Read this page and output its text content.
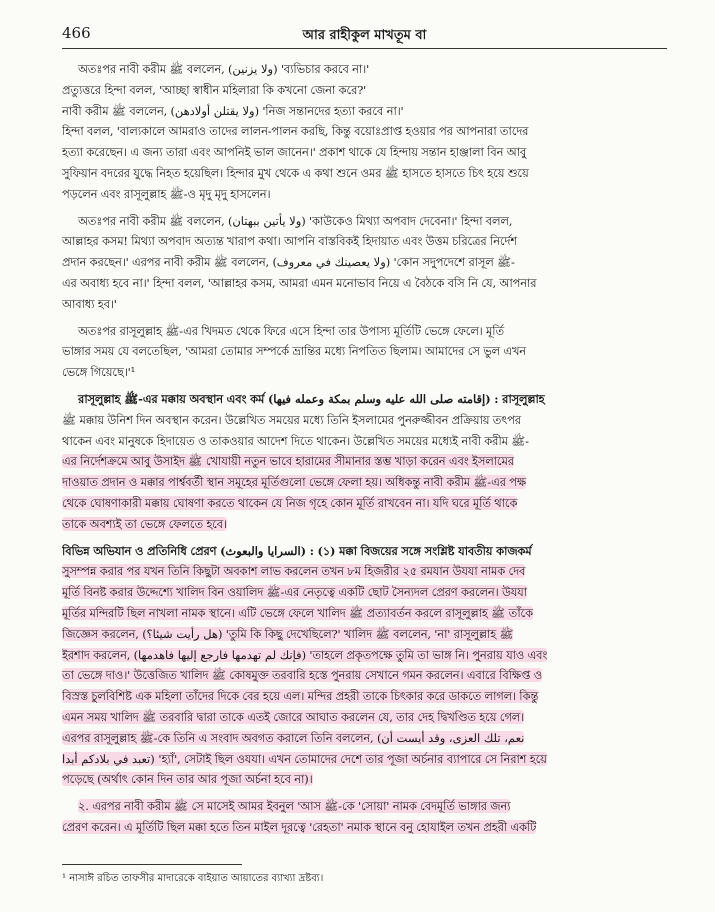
466	আর রাহীকুল মাখতূম বা
অতঃপর নাবী করীম ﷺ বললেন, (ولا يزنين) 'ব্যভিচার করবে না।'
প্রত্যুত্তরে হিন্দা বলল, 'আচ্ছা স্বাধীন মহিলারা কি কখনো জেনা করে?'
নাবী করীম ﷺ বললেন, (ولا يقتلن أولادهن) 'নিজ সন্তানদের হত্যা করবে না।'
হিন্দা বলল, 'বাল্যকালে আমরাও তাদের লালন-পালন করছি, কিন্তু বয়োঃপ্রাপ্ত হওয়ার পর আপনারা তাদের
হত্যা করেছেন। এ জন্য তারা এবং আপনিই ভাল জানেন।' প্রকাশ থাকে যে হিন্দায় সন্তান হাঞ্জালা বিন আবু
সুফিয়ান বদরের যুদ্ধে নিহত হয়েছিল। হিন্দার মুখ থেকে এ কথা শুনে ওমর ﷺ হাসতে হাসতে চিৎ হয়ে শুয়ে
পড়লেন এবং রাসূলুল্লাহ ﷺ-ও মৃদু মৃদু হাসলেন।
অতঃপর নাবী করীম ﷺ বললেন, (ولا يأتين ببهتان) 'কাউকেও মিথ্যা অপবাদ দেবেনা।' হিন্দা বলল,
আল্লাহর কসম! মিথ্যা অপবাদ অত্যন্ত খারাপ কথা। আপনি বাস্তবিকই হিদায়াত এবং উত্তম চরিত্রের নির্দেশ
প্রদান করছেন।' এরপর নাবী করীম ﷺ বললেন, (ولا يعصينك في معروف) 'কোন সদুপদেশে রাসূল ﷺ-
এর অবাধ্য হবে না।' হিন্দা বলল, 'আল্লাহর কসম, আমরা এমন মনোভাব নিয়ে এ বৈঠকে বসি নি যে, আপনার
আবাধ্য হব।'
অতঃপর রাসূলুল্লাহ ﷺ-এর খিদমত থেকে ফিরে এসে হিন্দা তার উপাস্য মূর্তিটি ভেঙ্গে ফেলে। মূর্তি
ভাঙ্গার সময় যে বলতেছিল, 'আমরা তোমার সম্পর্কে ভ্রান্তির মধ্যে নিপতিত ছিলাম। আমাদের সে ভুল এখন
ভেঙ্গে গিয়েছে।'¹
রাসূলুল্লাহ ﷺ-এর মক্কায় অবস্থান এবং কর্ম (إقامته صلى الله عليه وسلم بمكة وعمله فيها) : রাসূলুল্লাহ
ﷺ মক্কায় উনিশ দিন অবস্থান করেন। উল্লেখিত সময়ের মধ্যে তিনি ইসলামের পুনরুজ্জীবন প্রক্রিয়ায় তৎপর
থাকেন এবং মানুষকে হিদায়েত ও তাকওয়ার আদেশ দিতে থাকেন। উল্লেখিত সময়ের মধ্যেই নাবী করীম ﷺ-
এর নির্দেশক্রমে আবু উসাইদ ﷺ খোযায়ী নতুন ভাবে হারামের সীমানার স্তম্ভ খাড়া করেন এবং ইসলামের
দাওয়াত প্রদান ও মক্কার পার্শ্ববর্তী স্থান সমূহের মূর্তিগুলো ভেঙ্গে ফেলা হয়। অধিকন্তু নাবী করীম ﷺ-এর পক্ষ
থেকে ঘোষণাকারী মক্কায় ঘোষণা করতে থাকেন যে নিজ গৃহে কোন মূর্তি রাখবেন না। যদি ঘরে মূর্তি থাকে
তাকে অবশ্যই তা ভেঙ্গে ফেলতে হবে।
বিভিন্ন অভিযান ও প্রতিনিধি প্রেরণ (السرايا والبعوث) : (১) মক্কা বিজয়ের সঙ্গে সংশ্লিষ্ট যাবতীয় কাজকর্ম
সুসম্পন্ন করার পর যখন তিনি কিছুটা অবকাশ লাভ করলেন তখন ৮ম হিজরীর ২৫ রমযান উযযা নামক দেব
মূর্তি বিনষ্ট করার উদ্দেশ্যে খালিদ বিন ওয়ালিদ ﷺ-এর নেতৃত্বে একটি ছোট সৈন্যদল প্রেরণ করলেন। উযযা
মূর্তির মন্দিরটি ছিল নাখলা নামক স্থানে। এটি ভেঙ্গে ফেলে খালিদ ﷺ প্রত্যাবর্তন করলে রাসূলুল্লাহ ﷺ তাঁকে
জিজ্ঞেস করলেন, (هل رأيت شيئا؟) 'তুমি কি কিছু দেখেছিলে?' খালিদ ﷺ বললেন, 'না' রাসূলুল্লাহ ﷺ
ইরশাদ করলেন, (فإنك لم تهدمها فارجع إليها فاهدمها) 'তাহলে প্রকৃতপক্ষে তুমি তা ভাঙ্গ নি। পুনরায় যাও এবং
তা ভেঙ্গে দাও।' উত্তেজিত খালিদ ﷺ কোষমুক্ত তরবারি হস্তে পুনরায় সেখানে গমন করলেন। এবারে বিক্ষিপ্ত ও
বিস্রস্ত চুলবিশিষ্ট এক মহিলা তাঁদের দিকে বের হয়ে এল। মন্দির প্রহরী তাকে চিৎকার করে ডাকতে লাগল। কিন্তু
এমন সময় খালিদ ﷺ তরবারি দ্বারা তাকে এতই জোরে আঘাত করলেন যে, তার দেহ দ্বিখণ্ডিত হয়ে গেল।
এরপর রাসূলুল্লাহ ﷺ-কে তিনি এ সংবাদ অবগত করালে তিনি বললেন, (نعم، تلك العزى، وقد أيست أن
تعبد في بلادكم أبدا) 'হ্যাঁ', সেটাই ছিল ওযযা। এখন তোমাদের দেশে তার পূজা অর্চনার ব্যাপারে সে নিরাশ হয়ে
পড়েছে (অর্থাৎ কোন দিন তার আর পূজা অর্চনা হবে না)।
২. এরপর নাবী করীম ﷺ সে মাসেই আমর ইবনুল 'আস ﷺ-কে 'সোয়া' নামক বেদমূর্তি ভাঙ্গার জন্য
প্রেরণ করেন। এ মূর্তিটি ছিল মক্কা হতে তিন মাইল দূরত্বে 'রেহতা' নমাক স্থানে বনু হোযাইল তখন প্রহরী একটি
¹ নাসাঈ রচিত তাফসীর মাদারেকে বাইয়াত আয়াতের ব্যাখ্যা দ্রষ্টব্য।
